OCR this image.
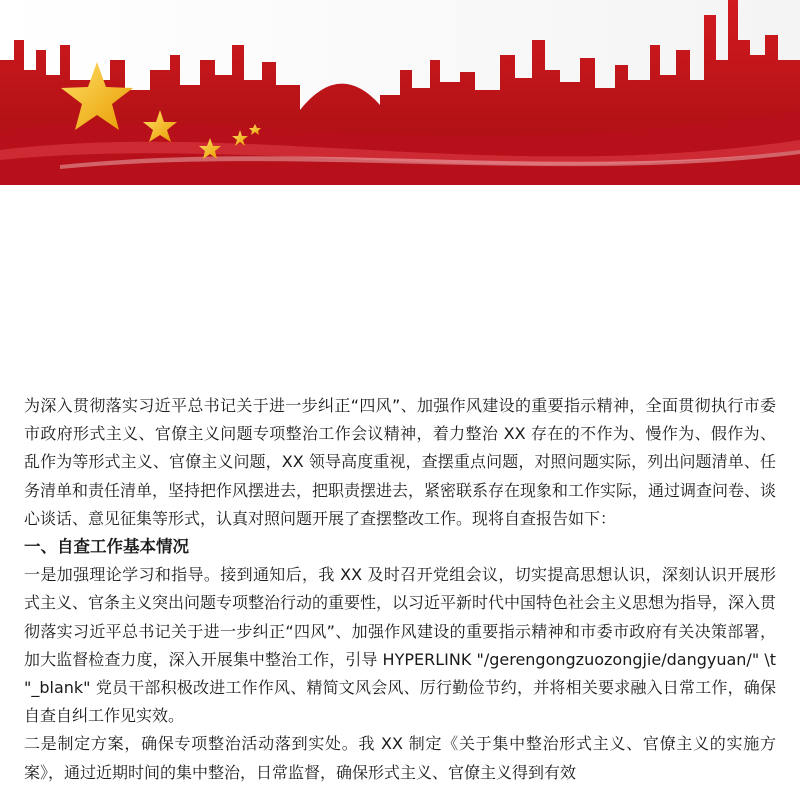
为深入贯彻落实习近平总书记关于进一步纠正“四风”、加强作风建设的重要指示精神，全面贯彻执行市委市政府形式主义、官僚主义问题专项整治工作会议精神，着力整治 XX 存在的不作为、慢作为、假作为、乱作为等形式主义、官僚主义问题，XX 领导高度重视，查摆重点问题，对照问题实际，列出问题清单、任务清单和责任清单，坚持把作风摆进去，把职责摆进去，紧密联系存在现象和工作实际，通过调查问卷、谈心谈话、意见征集等形式，认真对照问题开展了查摆整改工作。现将自查报告如下：

一、自查工作基本情况

一是加强理论学习和指导。接到通知后，我 XX 及时召开党组会议，切实提高思想认识，深刻认识开展形式主义、官条主义突出问题专项整治行动的重要性，以习近平新时代中国特色社会主义思想为指导，深入贯彻落实习近平总书记关于进一步纠正“四风”、加强作风建设的重要指示精神和市委市政府有关决策部署，加大监督检查力度，深入开展集中整治工作，引导 HYPERLINK "/gerengongzuozongjie/dangyuan/" \t "_blank" 党员干部积极改进工作作风、精简文风会风、厉行勤俭节约，并将相关要求融入日常工作，确保自查自纠工作见实效。

二是制定方案，确保专项整治活动落到实处。我 XX 制定《关于集中整治形式主义、官僚主义的实施方案》，通过近期时间的集中整治，日常监督，确保形式主义、官僚主义得到有效
